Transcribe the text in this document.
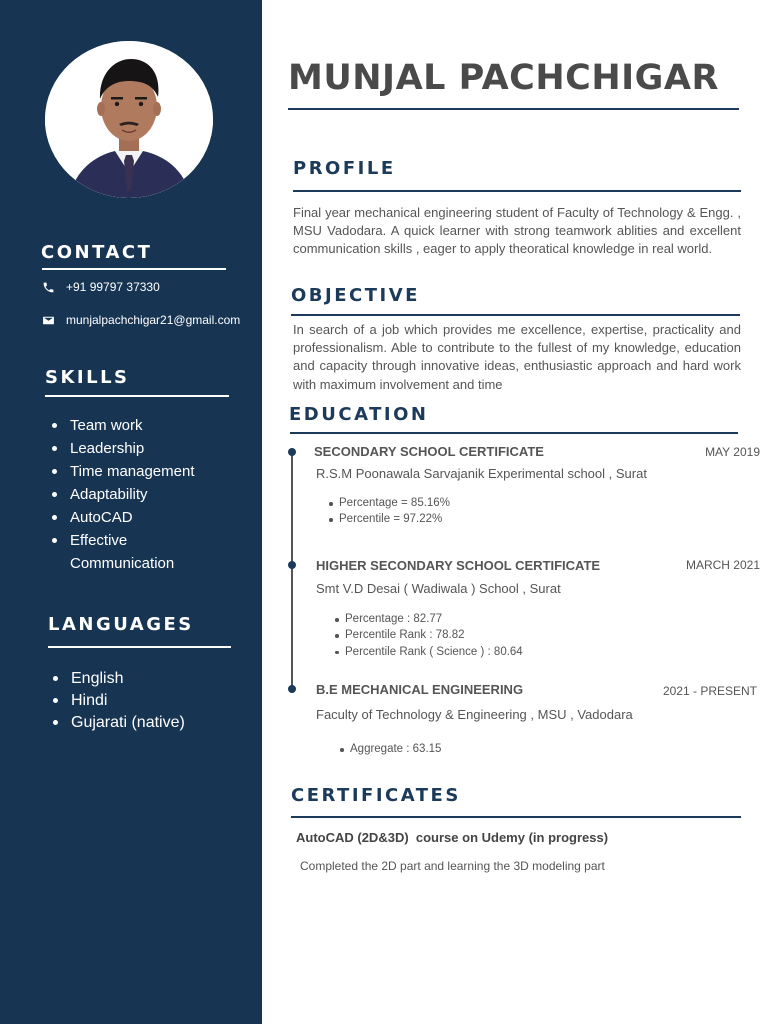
CONTACT
+91 99797 37330
munjalpachchigar21@gmail.com
SKILLS
Team work
Leadership
Time management
Adaptability
AutoCAD
Effective Communication
LANGUAGES
English
Hindi
Gujarati (native)
MUNJAL PACHCHIGAR
PROFILE

Final year mechanical engineering student of Faculty of Technology & Engg. , MSU Vadodara. A quick learner with strong teamwork ablities and excellent communication skills , eager to apply theoratical knowledge in real world.

OBJECTIVE

In search of a job which provides me excellence, expertise, practicality and professionalism. Able to contribute to the fullest of my knowledge, education and capacity through innovative ideas, enthusiastic approach and hard work with maximum involvement and time

EDUCATION
SECONDARY SCHOOL CERTIFICATE	MAY 2019
R.S.M Poonawala Sarvajanik Experimental school , Surat
Percentage = 85.16%
Percentile = 97.22%
HIGHER SECONDARY SCHOOL CERTIFICATE	MARCH 2021
Smt V.D Desai ( Wadiwala ) School , Surat
Percentage : 82.77
Percentile Rank : 78.82
Percentile Rank ( Science ) : 80.64
B.E MECHANICAL ENGINEERING	2021 - PRESENT
Faculty of Technology & Engineering , MSU , Vadodara
Aggregate : 63.15
CERTIFICATES
AutoCAD (2D&3D)  course on Udemy (in progress)
Completed the 2D part and learning the 3D modeling part
